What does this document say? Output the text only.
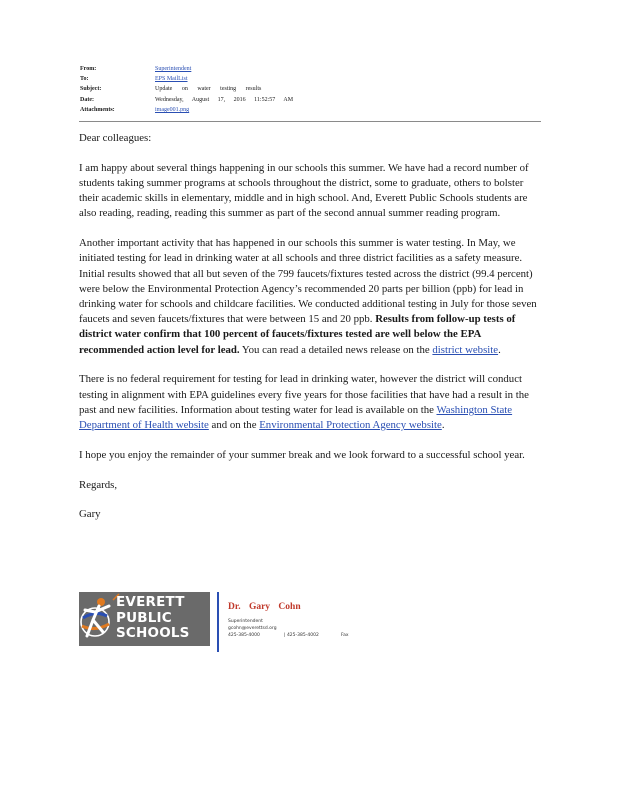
From:	Superintendent
To:	EPS MailList
Subject:	Update on water testing results
Date:	Wednesday, August 17, 2016 11:52:57 AM
Attachments:	image001.png

Dear colleagues:

I am happy about several things happening in our schools this summer. We have had a record number of students taking summer programs at schools throughout the district, some to graduate, others to bolster their academic skills in elementary, middle and in high school. And, Everett Public Schools students are also reading, reading, reading this summer as part of the second annual summer reading program.

Another important activity that has happened in our schools this summer is water testing. In May, we initiated testing for lead in drinking water at all schools and three district facilities as a safety measure. Initial results showed that all but seven of the 799 faucets/fixtures tested across the district (99.4 percent) were below the Environmental Protection Agency’s recommended 20 parts per billion (ppb) for lead in drinking water for schools and childcare facilities. We conducted additional testing in July for those seven faucets and seven faucets/fixtures that were between 15 and 20 ppb. Results from follow-up tests of district water confirm that 100 percent of faucets/fixtures tested are well below the EPA recommended action level for lead. You can read a detailed news release on the district website.

There is no federal requirement for testing for lead in drinking water, however the district will conduct testing in alignment with EPA guidelines every five years for those facilities that have had a result in the past and new facilities. Information about testing water for lead is available on the Washington State Department of Health website and on the Environmental Protection Agency website.

I hope you enjoy the remainder of your summer break and we look forward to a successful school year.

Regards,

Gary

EVERETT
PUBLIC
SCHOOLS
Dr. Gary Cohn
Superintendent
gcohn@everettsd.org
425-385-4000	| 425-385-4002	Fax
